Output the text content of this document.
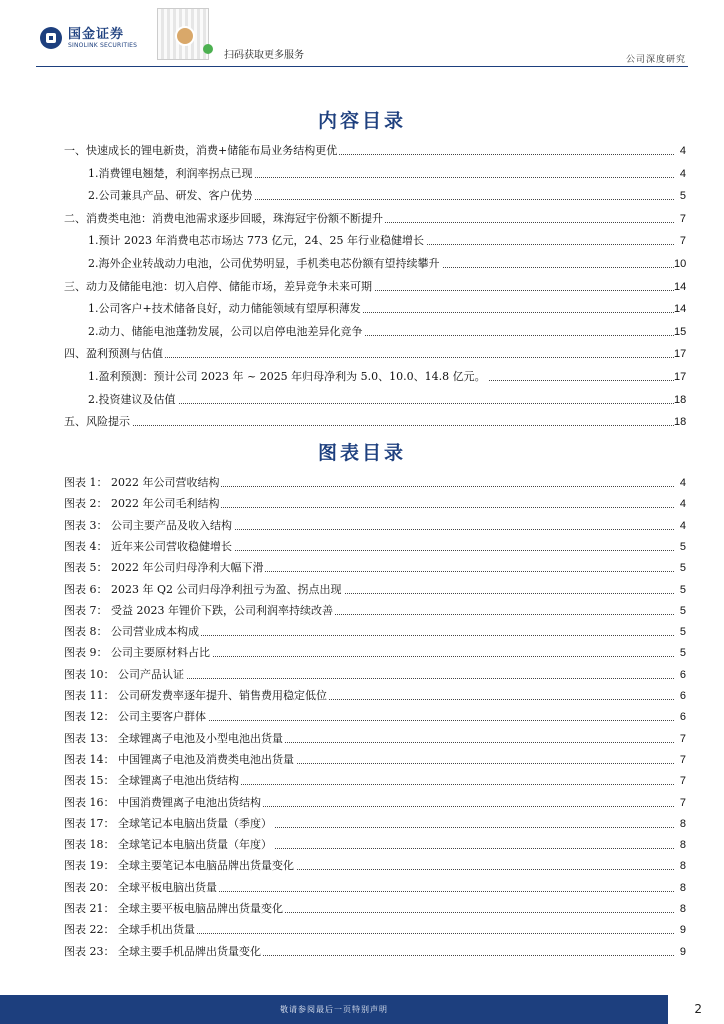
国金证券
SINOLINK SECURITIES
扫码获取更多服务	公司深度研究
内容目录
一、快速成长的锂电新贵，消费+储能布局业务结构更优	4
1.消费锂电翘楚，利润率拐点已现	4
2.公司兼具产品、研发、客户优势	5
二、消费类电池：消费电池需求逐步回暖，珠海冠宇份额不断提升	7
1.预计 2023 年消费电芯市场达 773 亿元，24、25 年行业稳健增长	7
2.海外企业转战动力电池，公司优势明显，手机类电芯份额有望持续攀升	10
三、动力及储能电池：切入启停、储能市场，差异竞争未来可期	14
1.公司客户+技术储备良好，动力储能领域有望厚积薄发	14
2.动力、储能电池蓬勃发展，公司以启停电池差异化竞争	15
四、盈利预测与估值	17
1.盈利预测：预计公司 2023 年 ~ 2025 年归母净利为 5.0、10.0、14.8 亿元。	17
2.投资建议及估值	18
五、风险提示	18
图表目录
图表 1： 2022 年公司营收结构	4
图表 2： 2022 年公司毛利结构	4
图表 3： 公司主要产品及收入结构	4
图表 4： 近年来公司营收稳健增长	5
图表 5： 2022 年公司归母净利大幅下滑	5
图表 6： 2023 年 Q2 公司归母净利扭亏为盈、拐点出现	5
图表 7： 受益 2023 年锂价下跌，公司利润率持续改善	5
图表 8： 公司营业成本构成	5
图表 9： 公司主要原材料占比	5
图表 10： 公司产品认证	6
图表 11： 公司研发费率逐年提升、销售费用稳定低位	6
图表 12： 公司主要客户群体	6
图表 13： 全球锂离子电池及小型电池出货量	7
图表 14： 中国锂离子电池及消费类电池出货量	7
图表 15： 全球锂离子电池出货结构	7
图表 16： 中国消费锂离子电池出货结构	7
图表 17： 全球笔记本电脑出货量（季度）	8
图表 18： 全球笔记本电脑出货量（年度）	8
图表 19： 全球主要笔记本电脑品牌出货量变化	8
图表 20： 全球平板电脑出货量	8
图表 21： 全球主要平板电脑品牌出货量变化	8
图表 22： 全球手机出货量	9
图表 23： 全球主要手机品牌出货量变化	9
敬请参阅最后一页特别声明	2
